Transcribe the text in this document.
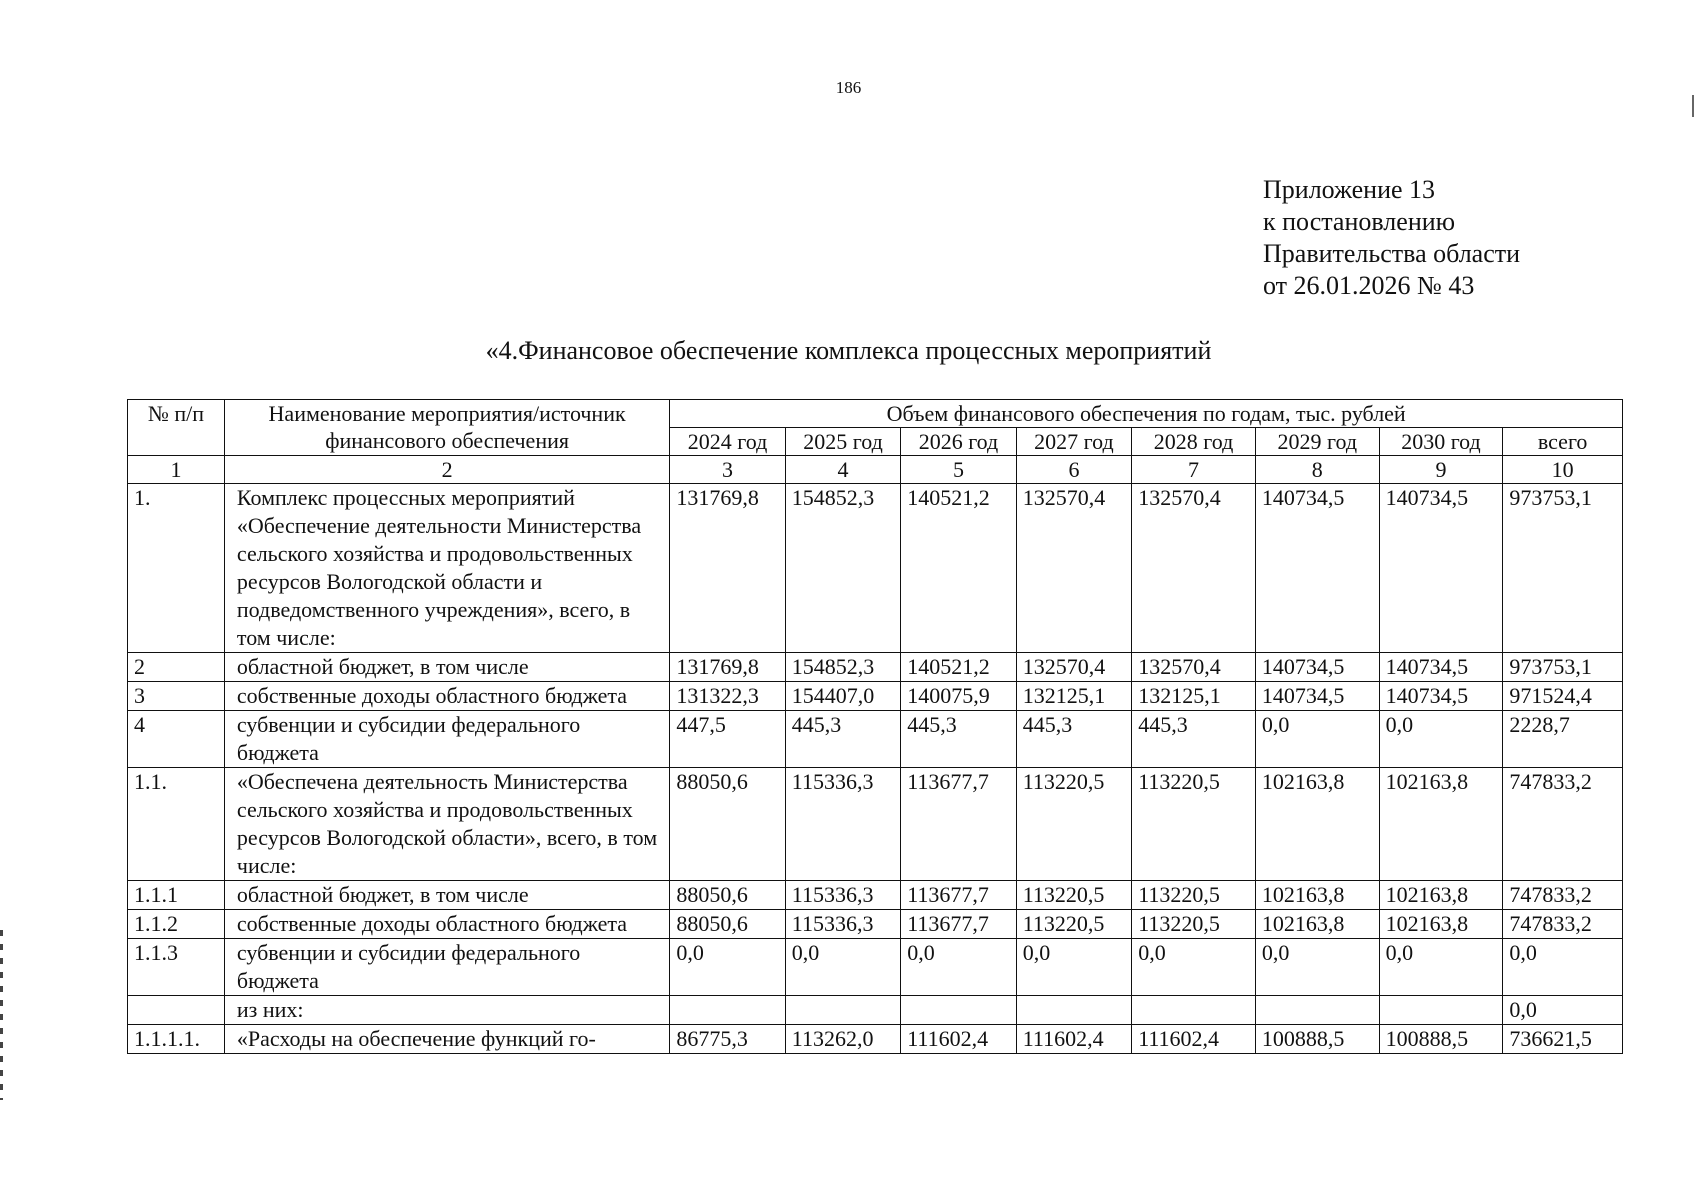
186
Приложение 13
к постановлению
Правительства области
от 26.01.2026 № 43
«4.Финансовое обеспечение комплекса процессных мероприятий
№ п/п	Наименование мероприятия/источник финансового обеспечения	Объем финансового обеспечения по годам, тыс. рублей							
		2024 год	2025 год	2026 год	2027 год	2028 год	2029 год	2030 год	всего
1	2	3	4	5	6	7	8	9	10
1.	Комплекс процессных мероприятий «Обеспечение деятельности Министерства сельского хозяйства и продовольственных ресурсов Вологодской области и подведомственного учреждения», всего, в том числе:	131769,8	154852,3	140521,2	132570,4	132570,4	140734,5	140734,5	973753,1
2	областной бюджет, в том числе	131769,8	154852,3	140521,2	132570,4	132570,4	140734,5	140734,5	973753,1
3	собственные доходы областного бюджета	131322,3	154407,0	140075,9	132125,1	132125,1	140734,5	140734,5	971524,4
4	субвенции и субсидии федерального бюджета	447,5	445,3	445,3	445,3	445,3	0,0	0,0	2228,7
1.1.	«Обеспечена деятельность Министерства сельского хозяйства и продовольственных ресурсов Вологодской области», всего, в том числе:	88050,6	115336,3	113677,7	113220,5	113220,5	102163,8	102163,8	747833,2
1.1.1	областной бюджет, в том числе	88050,6	115336,3	113677,7	113220,5	113220,5	102163,8	102163,8	747833,2
1.1.2	собственные доходы областного бюджета	88050,6	115336,3	113677,7	113220,5	113220,5	102163,8	102163,8	747833,2
1.1.3	субвенции и субсидии федерального бюджета	0,0	0,0	0,0	0,0	0,0	0,0	0,0	0,0
	из них:								0,0
1.1.1.1.	«Расходы на обеспечение функций го-	86775,3	113262,0	111602,4	111602,4	111602,4	100888,5	100888,5	736621,5
